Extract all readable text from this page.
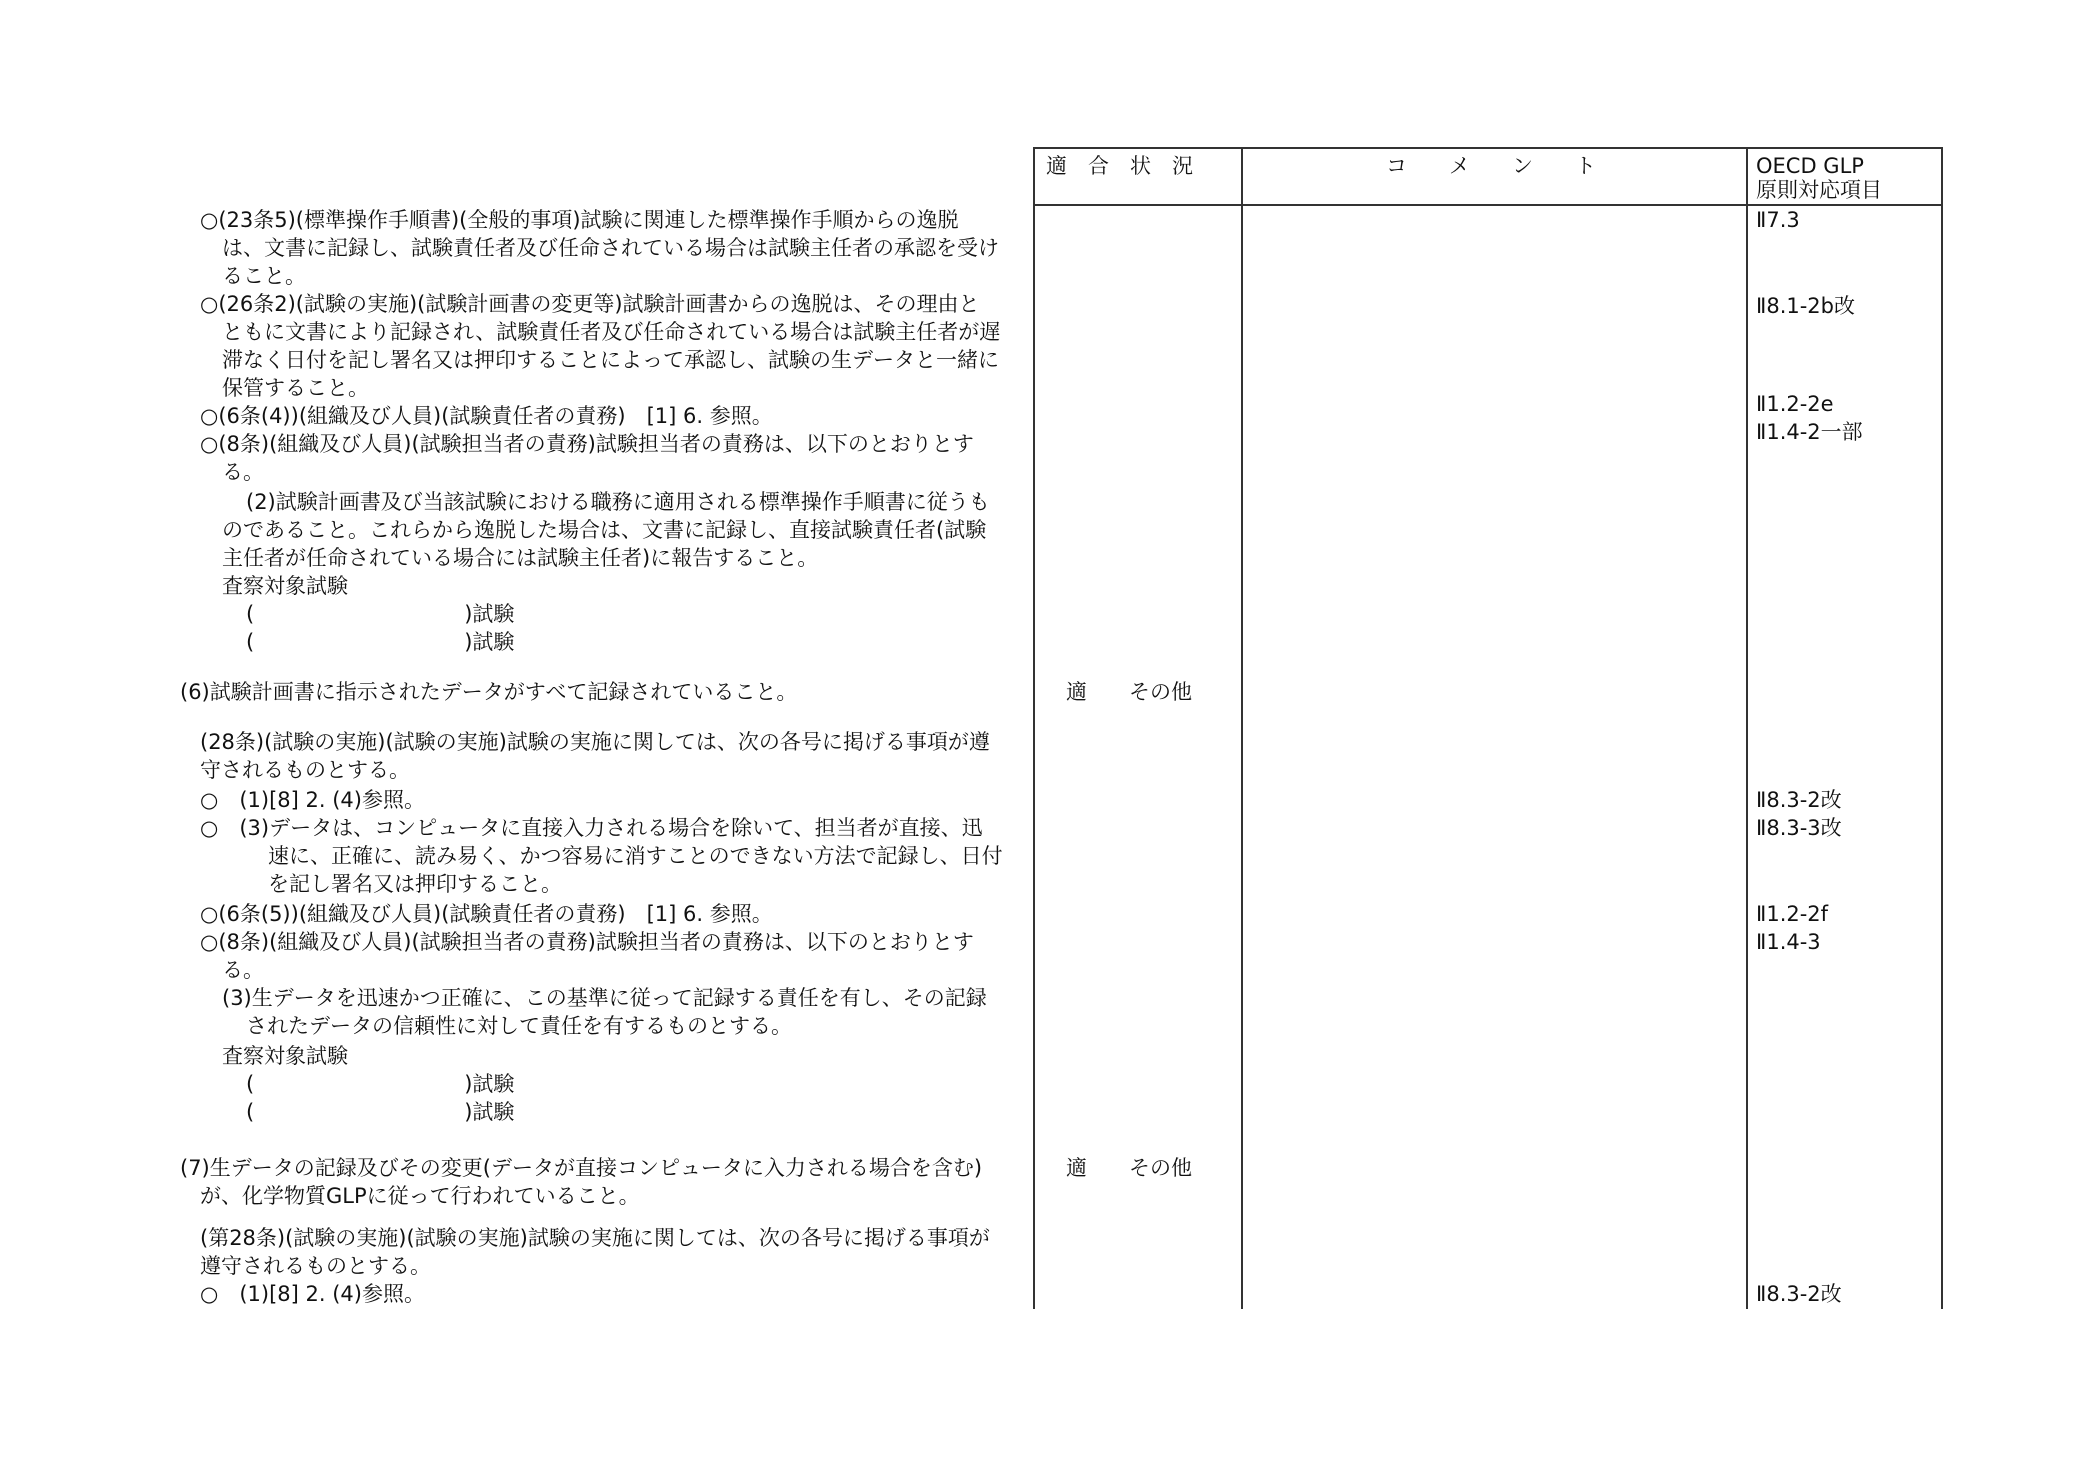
適　合　状　況	コ　　メ　　ン　　ト	OECD GLP
原則対応項目
○(23条5)(標準操作手順書)(全般的事項)試験に関連した標準操作手順からの逸脱
は、文書に記録し、試験責任者及び任命されている場合は試験主任者の承認を受け
ること。
○(26条2)(試験の実施)(試験計画書の変更等)試験計画書からの逸脱は、その理由と
ともに文書により記録され、試験責任者及び任命されている場合は試験主任者が遅
滞なく日付を記し署名又は押印することによって承認し、試験の生データと一緒に
保管すること。
○(6条(4))(組織及び人員)(試験責任者の責務)　[1] 6. 参照。
○(8条)(組織及び人員)(試験担当者の責務)試験担当者の責務は、以下のとおりとす
る。
(2)試験計画書及び当該試験における職務に適用される標準操作手順書に従うも
のであること。これらから逸脱した場合は、文書に記録し、直接試験責任者(試験
主任者が任命されている場合には試験主任者)に報告すること。
査察対象試験
(　　　　　　　　　　)試験
(　　　　　　　　　　)試験
(6)試験計画書に指示されたデータがすべて記録されていること。
(28条)(試験の実施)(試験の実施)試験の実施に関しては、次の各号に掲げる事項が遵
守されるものとする。
○　(1)[8] 2. (4)参照。
○　(3)データは、コンピュータに直接入力される場合を除いて、担当者が直接、迅
速に、正確に、読み易く、かつ容易に消すことのできない方法で記録し、日付
を記し署名又は押印すること。
○(6条(5))(組織及び人員)(試験責任者の責務)　[1] 6. 参照。
○(8条)(組織及び人員)(試験担当者の責務)試験担当者の責務は、以下のとおりとす
る。
(3)生データを迅速かつ正確に、この基準に従って記録する責任を有し、その記録
されたデータの信頼性に対して責任を有するものとする。
査察対象試験
(　　　　　　　　　　)試験
(　　　　　　　　　　)試験
(7)生データの記録及びその変更(データが直接コンピュータに入力される場合を含む)
が、化学物質GLPに従って行われていること。
(第28条)(試験の実施)(試験の実施)試験の実施に関しては、次の各号に掲げる事項が
遵守されるものとする。
○　(1)[8] 2. (4)参照。
適　　その他
適　　その他
Ⅱ7.3
Ⅱ8.1-2b改
Ⅱ1.2-2e
Ⅱ1.4-2一部
Ⅱ8.3-2改
Ⅱ8.3-3改
Ⅱ1.2-2f
Ⅱ1.4-3
Ⅱ8.3-2改
